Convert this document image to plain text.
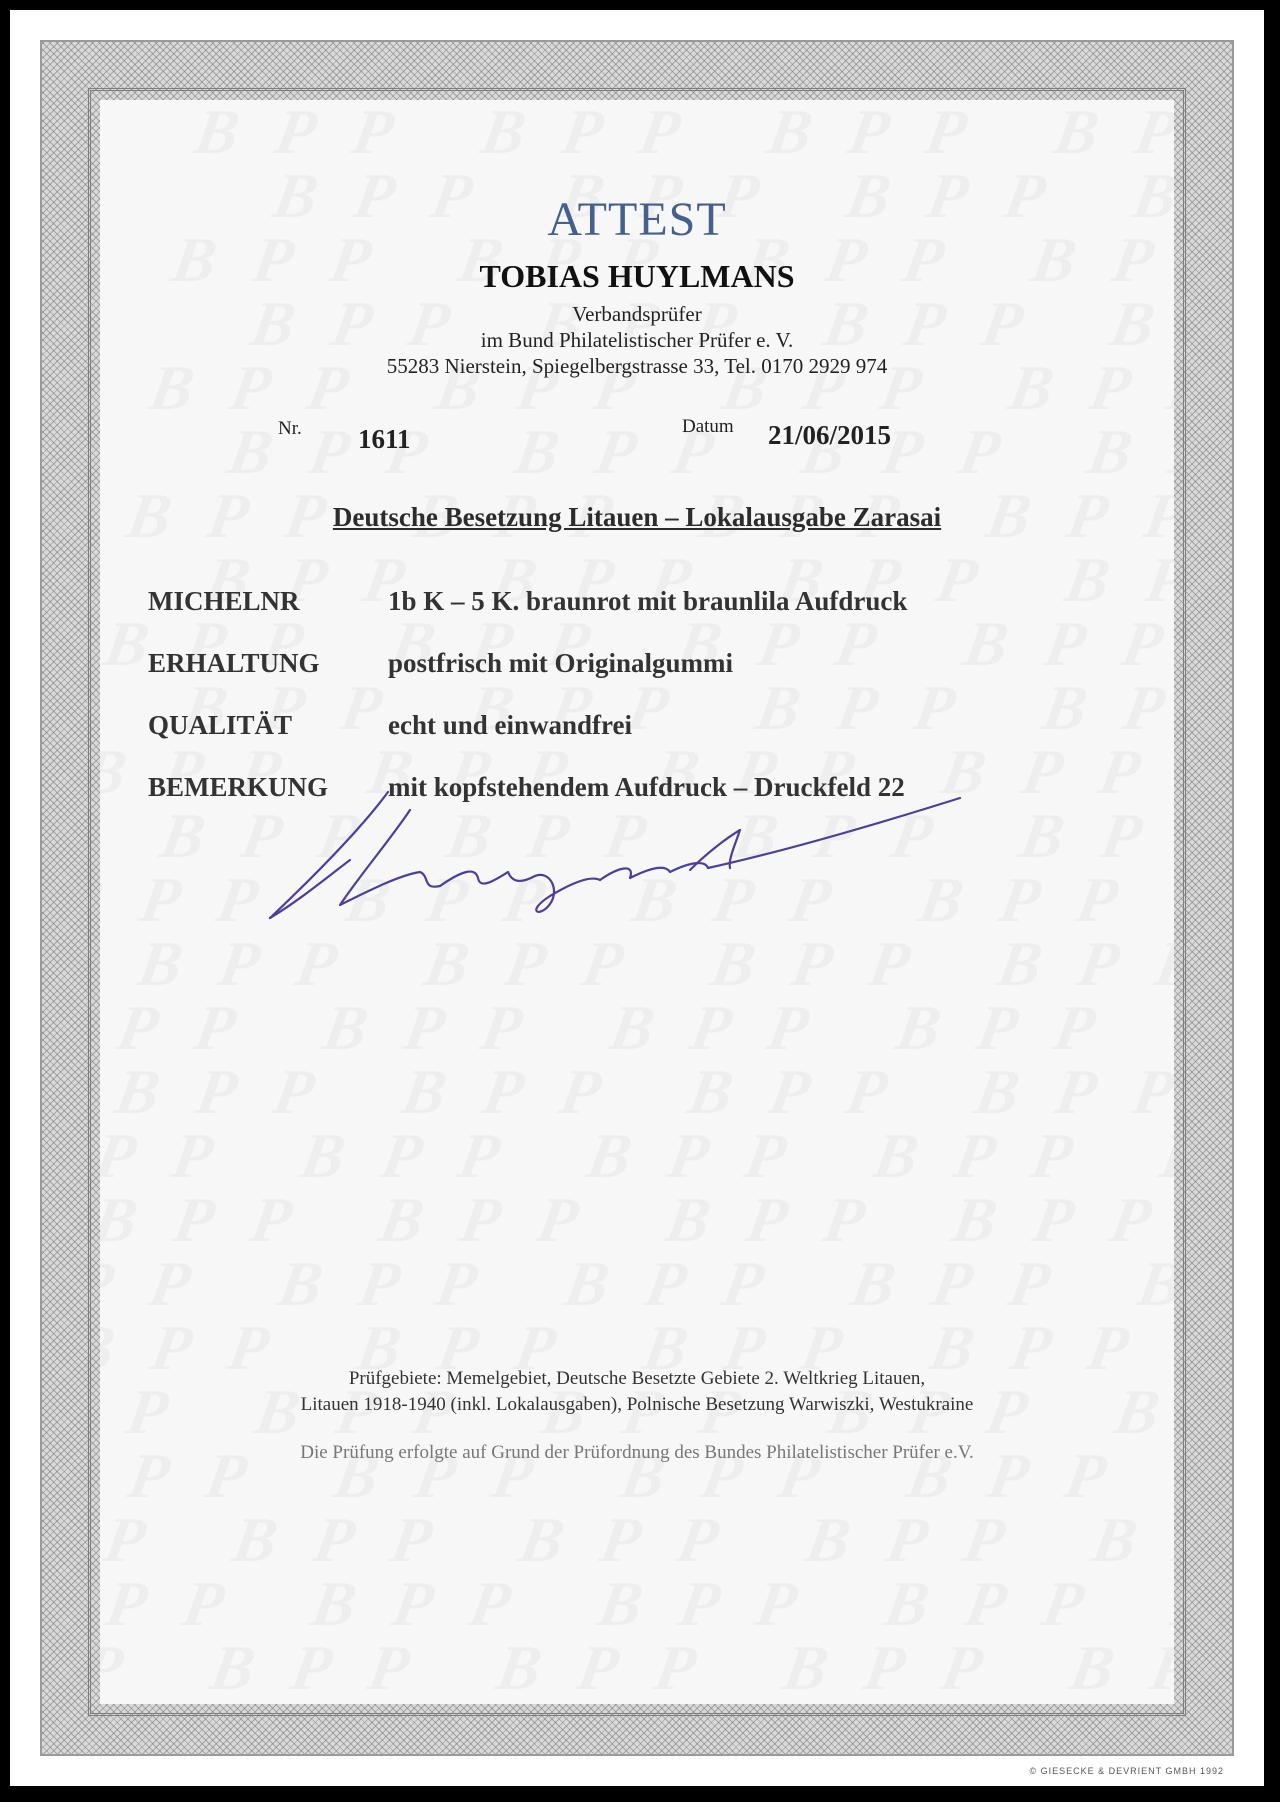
ATTEST
TOBIAS HUYLMANS
Verbandsprüfer
im Bund Philatelistischer Prüfer e. V.
55283 Nierstein, Spiegelbergstrasse 33, Tel. 0170 2929 974
Nr. 1611	Datum 21/06/2015
Deutsche Besetzung Litauen – Lokalausgabe Zarasai
MICHELNR	1b K – 5 K. braunrot mit braunlila Aufdruck
ERHALTUNG	postfrisch mit Originalgummi
QUALITÄT	echt und einwandfrei
BEMERKUNG mit kopfstehendem Aufdruck – Druckfeld 22
Prüfgebiete: Memelgebiet, Deutsche Besetzte Gebiete 2. Weltkrieg Litauen,
Litauen 1918-1940 (inkl. Lokalausgaben), Polnische Besetzung Warwiszki, Westukraine
Die Prüfung erfolgte auf Grund der Prüfordnung des Bundes Philatelistischer Prüfer e.V.
© GIESECKE & DEVRIENT GMBH 1992
